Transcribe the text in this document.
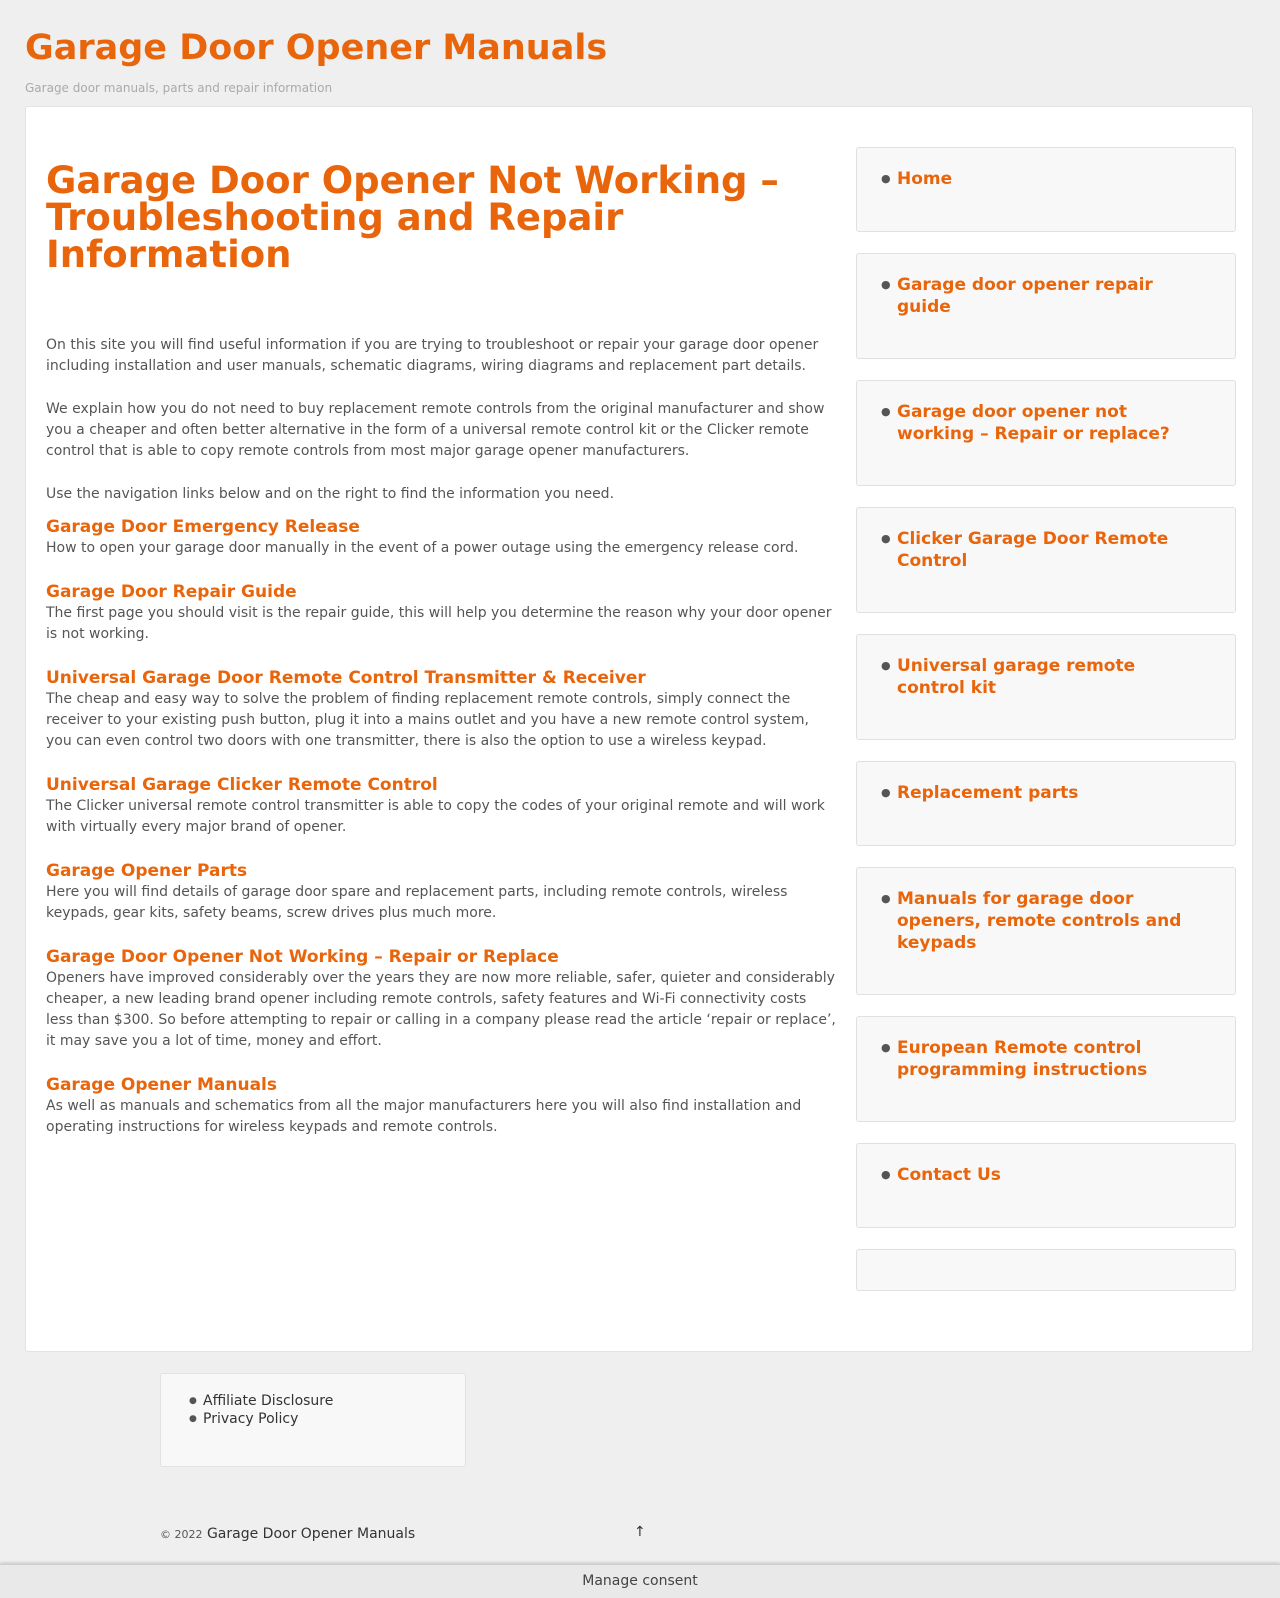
Garage Door Opener Manuals

Garage door manuals, parts and repair information

Garage Door Opener Not Working – Troubleshooting and Repair Information

On this site you will find useful information if you are trying to troubleshoot or repair your garage door opener including installation and user manuals, schematic diagrams, wiring diagrams and replacement part details.

We explain how you do not need to buy replacement remote controls from the original manufacturer and show you a cheaper and often better alternative in the form of a universal remote control kit or the Clicker remote control that is able to copy remote controls from most major garage opener manufacturers.

Use the navigation links below and on the right to find the information you need.

Garage Door Emergency Release

How to open your garage door manually in the event of a power outage using the emergency release cord.

Garage Door Repair Guide

The first page you should visit is the repair guide, this will help you determine the reason why your door opener is not working.

Universal Garage Door Remote Control Transmitter & Receiver

The cheap and easy way to solve the problem of finding replacement remote controls, simply connect the receiver to your existing push button, plug it into a mains outlet and you have a new remote control system, you can even control two doors with one transmitter, there is also the option to use a wireless keypad.

Universal Garage Clicker Remote Control

The Clicker universal remote control transmitter is able to copy the codes of your original remote and will work with virtually every major brand of opener.

Garage Opener Parts

Here you will find details of garage door spare and replacement parts, including remote controls, wireless keypads, gear kits, safety beams, screw drives plus much more.

Garage Door Opener Not Working – Repair or Replace

Openers have improved considerably over the years they are now more reliable, safer, quieter and considerably cheaper, a new leading brand opener including remote controls, safety features and Wi-Fi connectivity costs less than $300. So before attempting to repair or calling in a company please read the article ‘repair or replace’, it may save you a lot of time, money and effort.

Garage Opener Manuals

As well as manuals and schematics from all the major manufacturers here you will also find installation and operating instructions for wireless keypads and remote controls.

● Home
● Garage door opener repair guide
● Garage door opener not working – Repair or replace?
● Clicker Garage Door Remote Control
● Universal garage remote control kit
● Replacement parts
● Manuals for garage door openers, remote controls and keypads
● European Remote control programming instructions
● Contact Us
● Affiliate Disclosure
● Privacy Policy
© 2022 Garage Door Opener Manuals	↑
Manage consent
